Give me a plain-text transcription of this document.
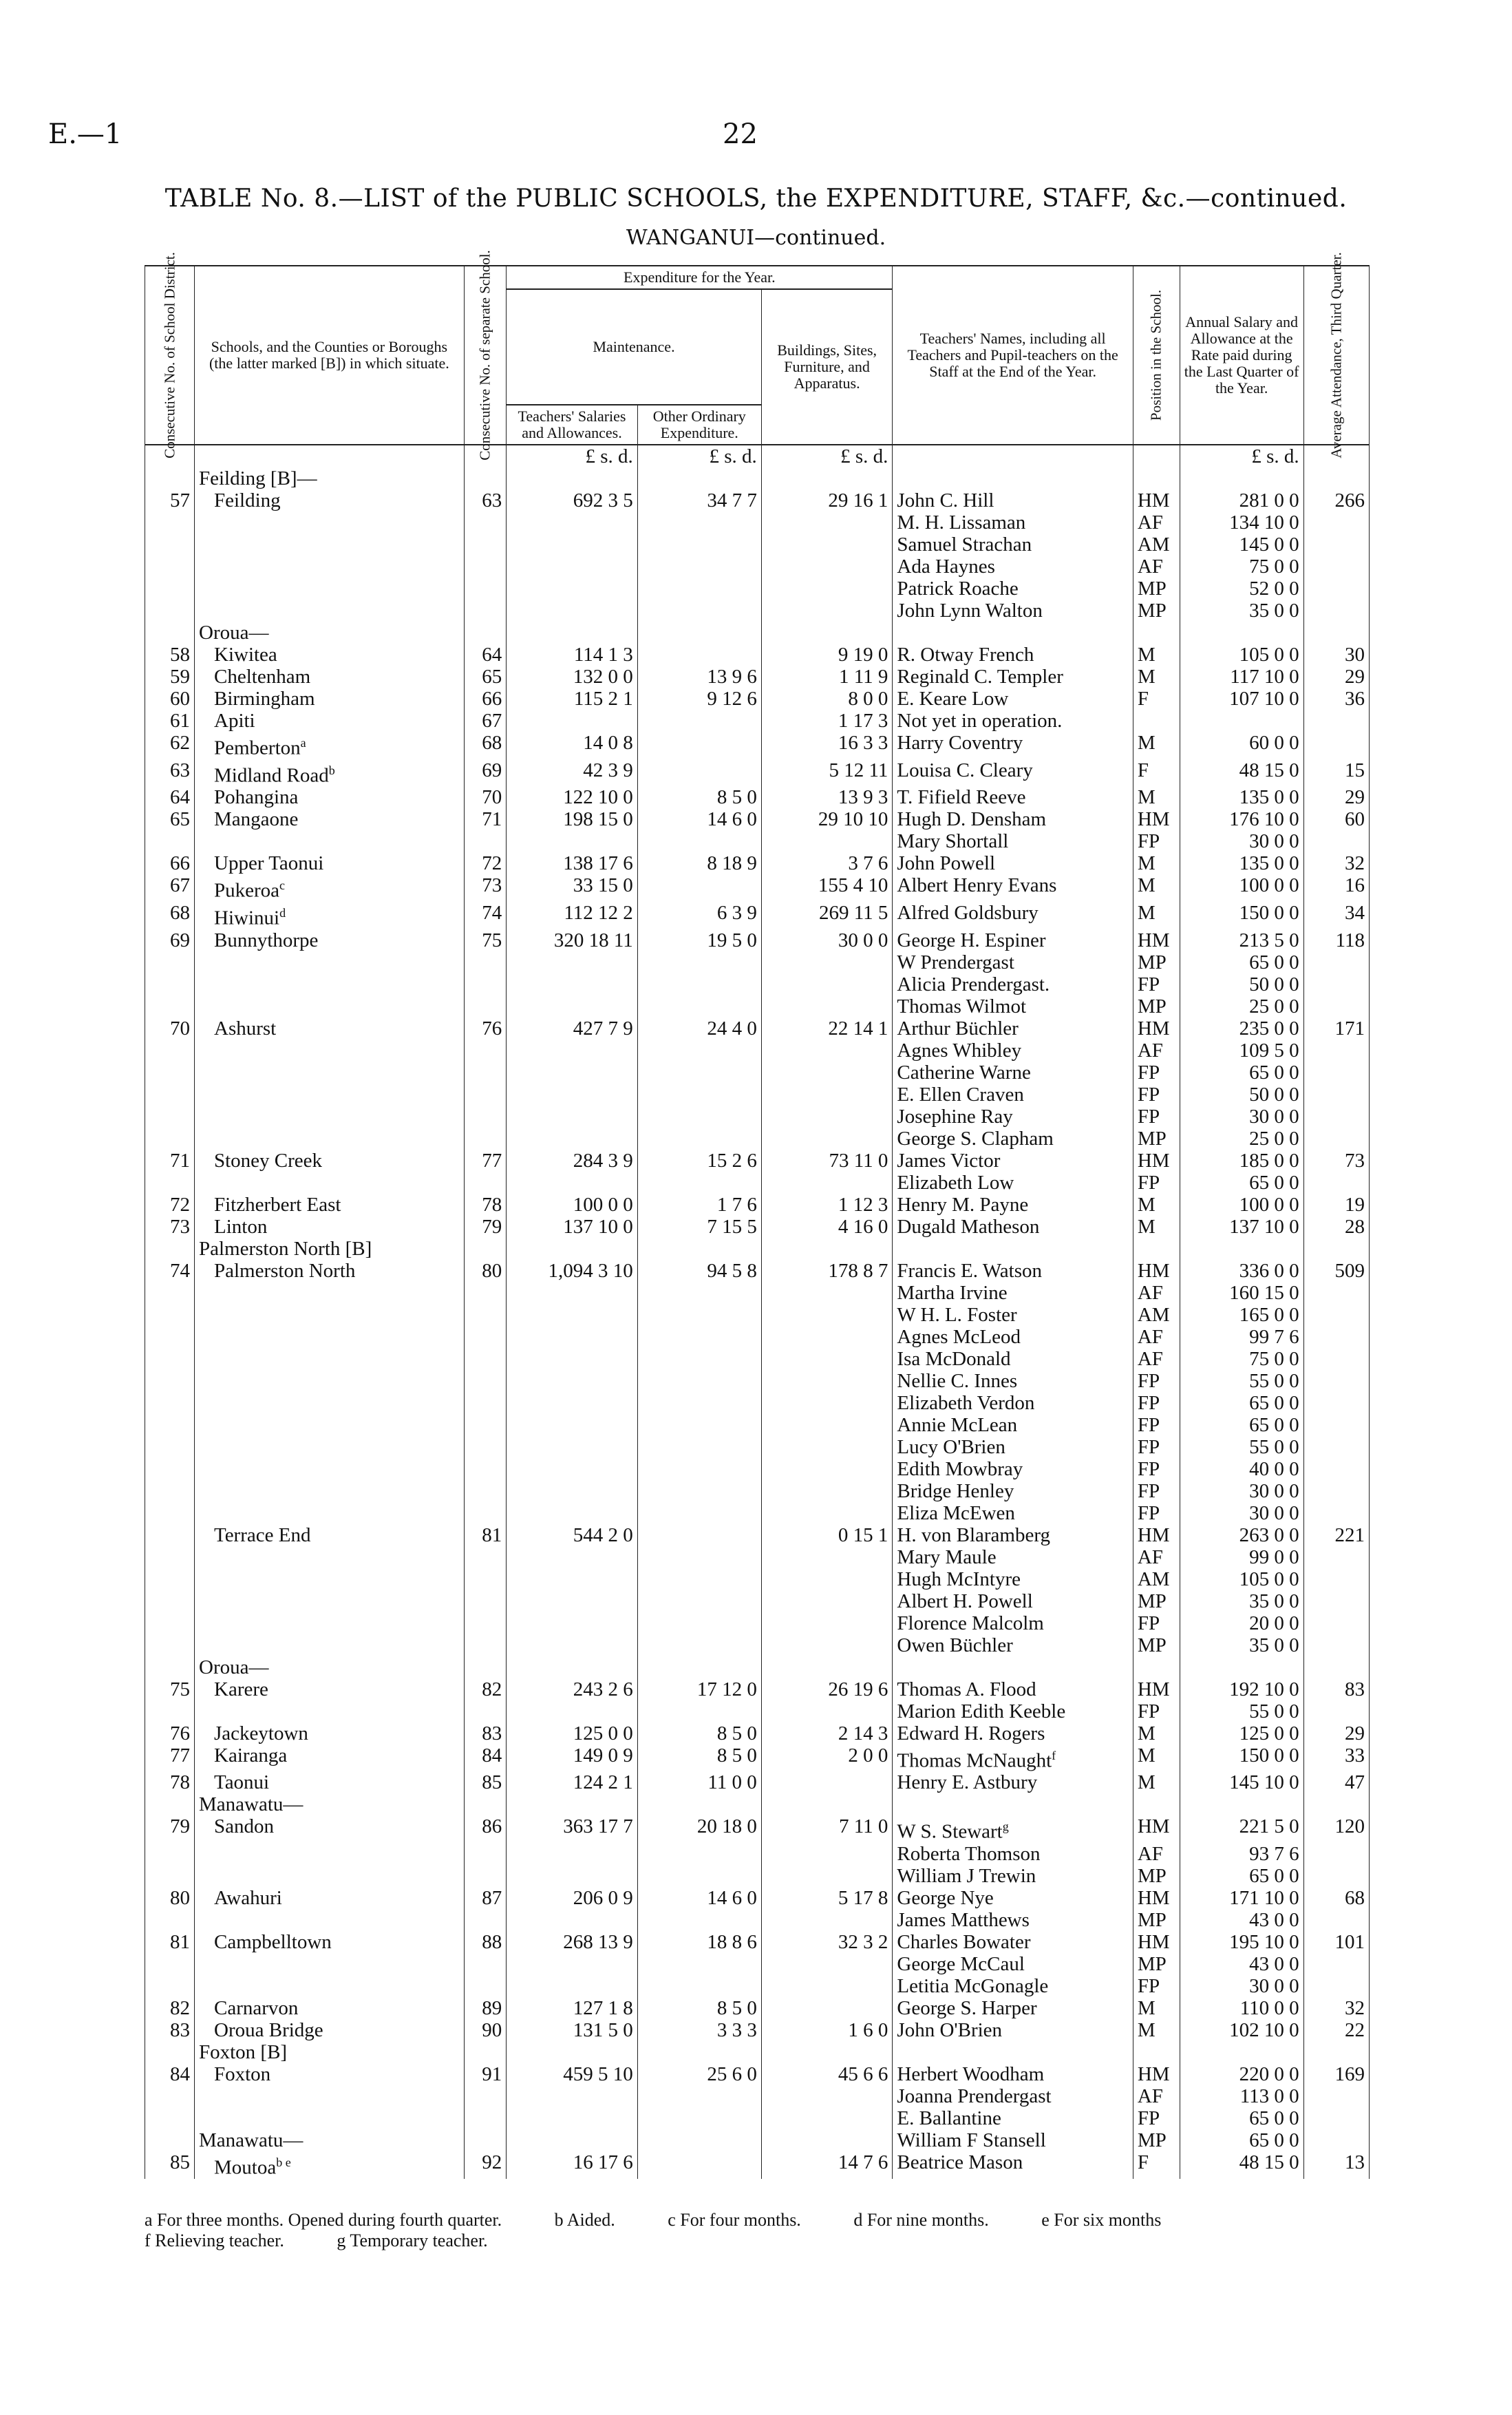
E.—1	22
TABLE No. 8.—LIST of the PUBLIC SCHOOLS, the EXPENDITURE, STAFF, &c.—continued.
WANGANUI—continued.
Consecutive No. of School District.	Schools, and the Counties or Boroughs (the latter marked [B]) in which situate.	Consecutive No. of separate School.	Expenditure for the Year.			Teachers' Names, including all Teachers and Pupil-teachers on the Staff at the End of the Year.	Position in the School.	Annual Salary and Allowance at the Rate paid during the Last Quarter of the Year.	Average Attendance, Third Quarter.

			Maintenance.		Buildings, Sites, Furniture, and Apparatus.				
			Teachers' Salaries and Allowances.	Other Ordinary Expenditure.					
			£ s. d.	£ s. d.	£ s. d.			£ s. d.	
	Feilding [B]—								
57	Feilding	63	692 3 5	34 7 7	29 16 1	John C. Hill	HM	281 0 0	266
						M. H. Lissaman	AF	134 10 0	
						Samuel Strachan	AM	145 0 0	
						Ada Haynes	AF	75 0 0	
						Patrick Roache	MP	52 0 0	
						John Lynn Walton	MP	35 0 0	
	Oroua—								
58	Kiwitea	64	114 1 3		9 19 0	R. Otway French	M	105 0 0	30
59	Cheltenham	65	132 0 0	13 9 6	1 11 9	Reginald C. Templer	M	117 10 0	29
60	Birmingham	66	115 2 1	9 12 6	8 0 0	E. Keare Low	F	107 10 0	36
61	Apiti	67			1 17 3	Not yet in operation.			
62	Pemberton$^a$	68	14 0 8		16 3 3	Harry Coventry	M	60 0 0	
63	Midland Road$^b$	69	42 3 9		5 12 11	Louisa C. Cleary	F	48 15 0	15
64	Pohangina	70	122 10 0	8 5 0	13 9 3	T. Fifield Reeve	M	135 0 0	29
65	Mangaone	71	198 15 0	14 6 0	29 10 10	Hugh D. Densham	HM	176 10 0	60
						Mary Shortall	FP	30 0 0	
66	Upper Taonui	72	138 17 6	8 18 9	3 7 6	John Powell	M	135 0 0	32
67	Pukeroa$^c$	73	33 15 0		155 4 10	Albert Henry Evans	M	100 0 0	16
68	Hiwinui$^d$	74	112 12 2	6 3 9	269 11 5	Alfred Goldsbury	M	150 0 0	34
69	Bunnythorpe	75	320 18 11	19 5 0	30 0 0	George H. Espiner	HM	213 5 0	118
						W Prendergast	MP	65 0 0	
						Alicia Prendergast.	FP	50 0 0	
						Thomas Wilmot	MP	25 0 0	
70	Ashurst	76	427 7 9	24 4 0	22 14 1	Arthur Büchler	HM	235 0 0	171
						Agnes Whibley	AF	109 5 0	
						Catherine Warne	FP	65 0 0	
						E. Ellen Craven	FP	50 0 0	
						Josephine Ray	FP	30 0 0	
						George S. Clapham	MP	25 0 0	
71	Stoney Creek	77	284 3 9	15 2 6	73 11 0	James Victor	HM	185 0 0	73
						Elizabeth Low	FP	65 0 0	
72	Fitzherbert East	78	100 0 0	1 7 6	1 12 3	Henry M. Payne	M	100 0 0	19
73	Linton	79	137 10 0	7 15 5	4 16 0	Dugald Matheson	M	137 10 0	28
	Palmerston North [B]								
74	Palmerston North	80	1,094 3 10	94 5 8	178 8 7	Francis E. Watson	HM	336 0 0	509
						Martha Irvine	AF	160 15 0	
						W H. L. Foster	AM	165 0 0	
						Agnes McLeod	AF	99 7 6	
						Isa McDonald	AF	75 0 0	
						Nellie C. Innes	FP	55 0 0	
						Elizabeth Verdon	FP	65 0 0	
						Annie McLean	FP	65 0 0	
						Lucy O'Brien	FP	55 0 0	
						Edith Mowbray	FP	40 0 0	
						Bridge Henley	FP	30 0 0	
						Eliza McEwen	FP	30 0 0	
	Terrace End	81	544 2 0		0 15 1	H. von Blaramberg	HM	263 0 0	221
						Mary Maule	AF	99 0 0	
						Hugh McIntyre	AM	105 0 0	
						Albert H. Powell	MP	35 0 0	
						Florence Malcolm	FP	20 0 0	
						Owen Büchler	MP	35 0 0	
	Oroua—								
75	Karere	82	243 2 6	17 12 0	26 19 6	Thomas A. Flood	HM	192 10 0	83
						Marion Edith Keeble	FP	55 0 0	
76	Jackeytown	83	125 0 0	8 5 0	2 14 3	Edward H. Rogers	M	125 0 0	29
77	Kairanga	84	149 0 9	8 5 0	2 0 0	Thomas McNaught$^f$	M	150 0 0	33
78	Taonui	85	124 2 1	11 0 0		Henry E. Astbury	M	145 10 0	47
	Manawatu—								
79	Sandon	86	363 17 7	20 18 0	7 11 0	W S. Stewart$^g$	HM	221 5 0	120
						Roberta Thomson	AF	93 7 6	
						William J Trewin	MP	65 0 0	
80	Awahuri	87	206 0 9	14 6 0	5 17 8	George Nye	HM	171 10 0	68
						James Matthews	MP	43 0 0	
81	Campbelltown	88	268 13 9	18 8 6	32 3 2	Charles Bowater	HM	195 10 0	101
						George McCaul	MP	43 0 0	
						Letitia McGonagle	FP	30 0 0	
82	Carnarvon	89	127 1 8	8 5 0		George S. Harper	M	110 0 0	32
83	Oroua Bridge	90	131 5 0	3 3 3	1 6 0	John O'Brien	M	102 10 0	22
	Foxton [B]								
84	Foxton	91	459 5 10	25 6 0	45 6 6	Herbert Woodham	HM	220 0 0	169
						Joanna Prendergast	AF	113 0 0	
						E. Ballantine	FP	65 0 0	
	Manawatu—					William F Stansell	MP	65 0 0	
85	Moutoa$^{b e}$	92	16 17 6		14 7 6	Beatrice Mason	F	48 15 0	13
a For three months. Opened during fourth quarter.	b Aided.	c For four months.	d For nine months.	e For six months
f Relieving teacher.	g Temporary teacher.
